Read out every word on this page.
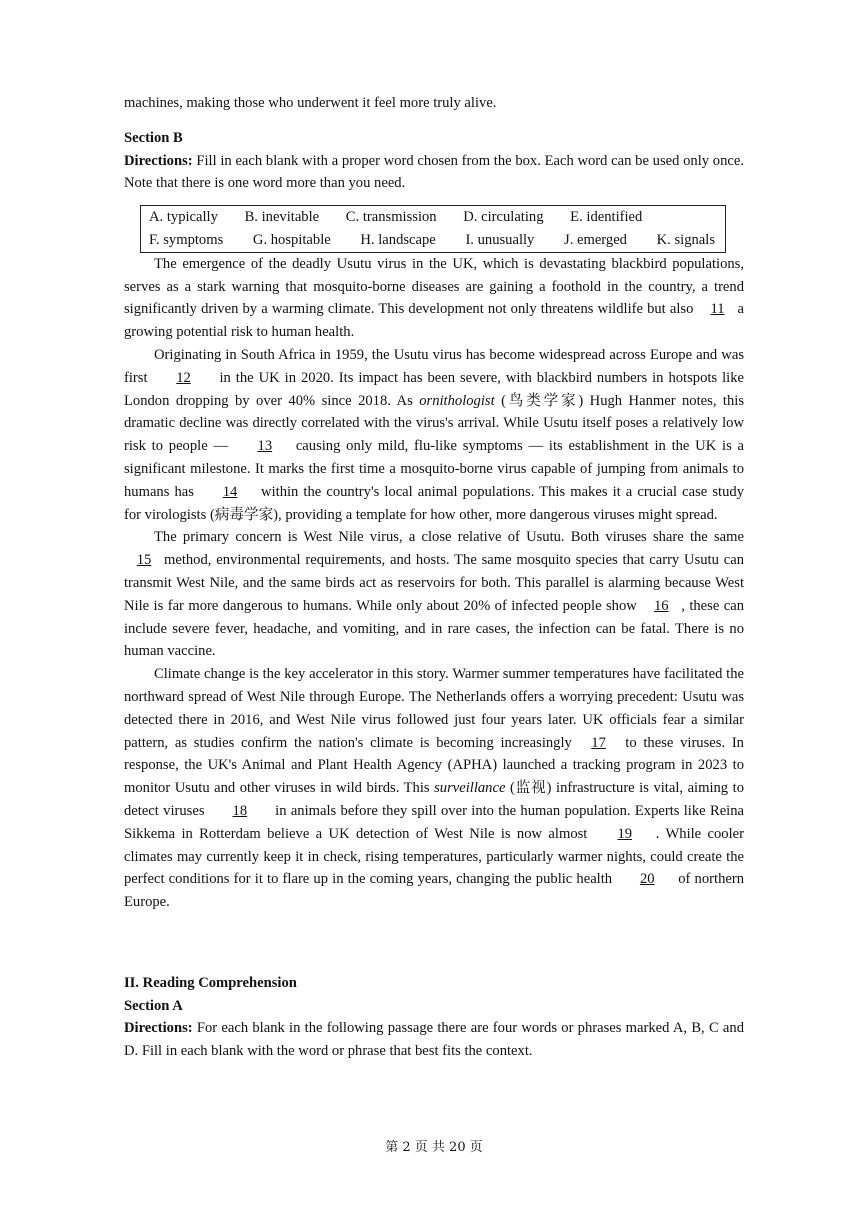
machines, making those who underwent it feel more truly alive.

Section B

Directions: Fill in each blank with a proper word chosen from the box. Each word can be used only once. Note that there is one word more than you need.

A. typically B. inevitable C. transmission D. circulating E. identified
F. symptoms G. hospitable H. landscape I. unusually J. emerged K. signals

The emergence of the deadly Usutu virus in the UK, which is devastating blackbird populations, serves as a stark warning that mosquito-borne diseases are gaining a foothold in the country, a trend significantly driven by a warming climate. This development not only threatens wildlife but also 11 a growing potential risk to human health.

Originating in South Africa in 1959, the Usutu virus has become widespread across Europe and was first 12 in the UK in 2020. Its impact has been severe, with blackbird numbers in hotspots like London dropping by over 40% since 2018. As ornithologist (鸟类学家) Hugh Hanmer notes, this dramatic decline was directly correlated with the virus's arrival. While Usutu itself poses a relatively low risk to people — 13 causing only mild, flu-like symptoms — its establishment in the UK is a significant milestone. It marks the first time a mosquito-borne virus capable of jumping from animals to humans has 14 within the country's local animal populations. This makes it a crucial case study for virologists (病毒学家), providing a template for how other, more dangerous viruses might spread.

The primary concern is West Nile virus, a close relative of Usutu. Both viruses share the same 15 method, environmental requirements, and hosts. The same mosquito species that carry Usutu can transmit West Nile, and the same birds act as reservoirs for both. This parallel is alarming because West Nile is far more dangerous to humans. While only about 20% of infected people show 16 , these can include severe fever, headache, and vomiting, and in rare cases, the infection can be fatal. There is no human vaccine.

Climate change is the key accelerator in this story. Warmer summer temperatures have facilitated the northward spread of West Nile through Europe. The Netherlands offers a worrying precedent: Usutu was detected there in 2016, and West Nile virus followed just four years later. UK officials fear a similar pattern, as studies confirm the nation's climate is becoming increasingly 17 to these viruses. In response, the UK's Animal and Plant Health Agency (APHA) launched a tracking program in 2023 to monitor Usutu and other viruses in wild birds. This surveillance (监视) infrastructure is vital, aiming to detect viruses 18 in animals before they spill over into the human population. Experts like Reina Sikkema in Rotterdam believe a UK detection of West Nile is now almost 19 . While cooler climates may currently keep it in check, rising temperatures, particularly warmer nights, could create the perfect conditions for it to flare up in the coming years, changing the public health 20 of northern Europe.

II. Reading Comprehension
Section A

Directions: For each blank in the following passage there are four words or phrases marked A, B, C and D. Fill in each blank with the word or phrase that best fits the context.

第 2 页 共 20 页
